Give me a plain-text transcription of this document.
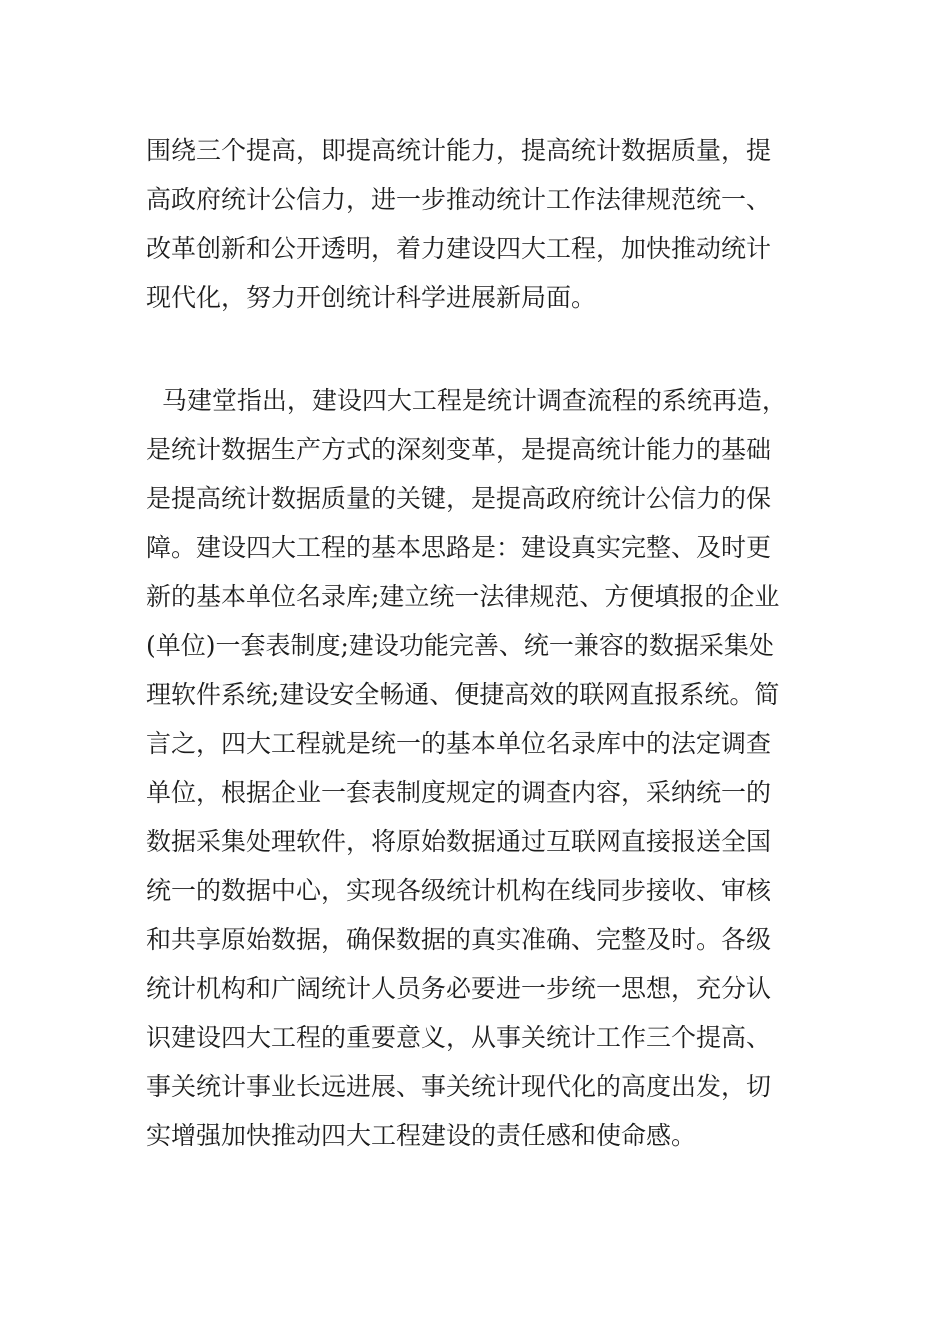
围绕三个提高，即提高统计能力，提高统计数据质量，提
高政府统计公信力，进一步推动统计工作法律规范统一、
改革创新和公开透明，着力建设四大工程，加快推动统计
现代化，努力开创统计科学进展新局面。
马建堂指出，建设四大工程是统计调查流程的系统再造，
是统计数据生产方式的深刻变革，是提高统计能力的基础
是提高统计数据质量的关键，是提高政府统计公信力的保
障。建设四大工程的基本思路是：建设真实完整、及时更
新的基本单位名录库;建立统一法律规范、方便填报的企业
(单位)一套表制度;建设功能完善、统一兼容的数据采集处
理软件系统;建设安全畅通、便捷高效的联网直报系统。简
言之，四大工程就是统一的基本单位名录库中的法定调查
单位，根据企业一套表制度规定的调查内容，采纳统一的
数据采集处理软件，将原始数据通过互联网直接报送全国
统一的数据中心，实现各级统计机构在线同步接收、审核
和共享原始数据，确保数据的真实准确、完整及时。各级
统计机构和广阔统计人员务必要进一步统一思想，充分认
识建设四大工程的重要意义，从事关统计工作三个提高、
事关统计事业长远进展、事关统计现代化的高度出发，切
实增强加快推动四大工程建设的责任感和使命感。
